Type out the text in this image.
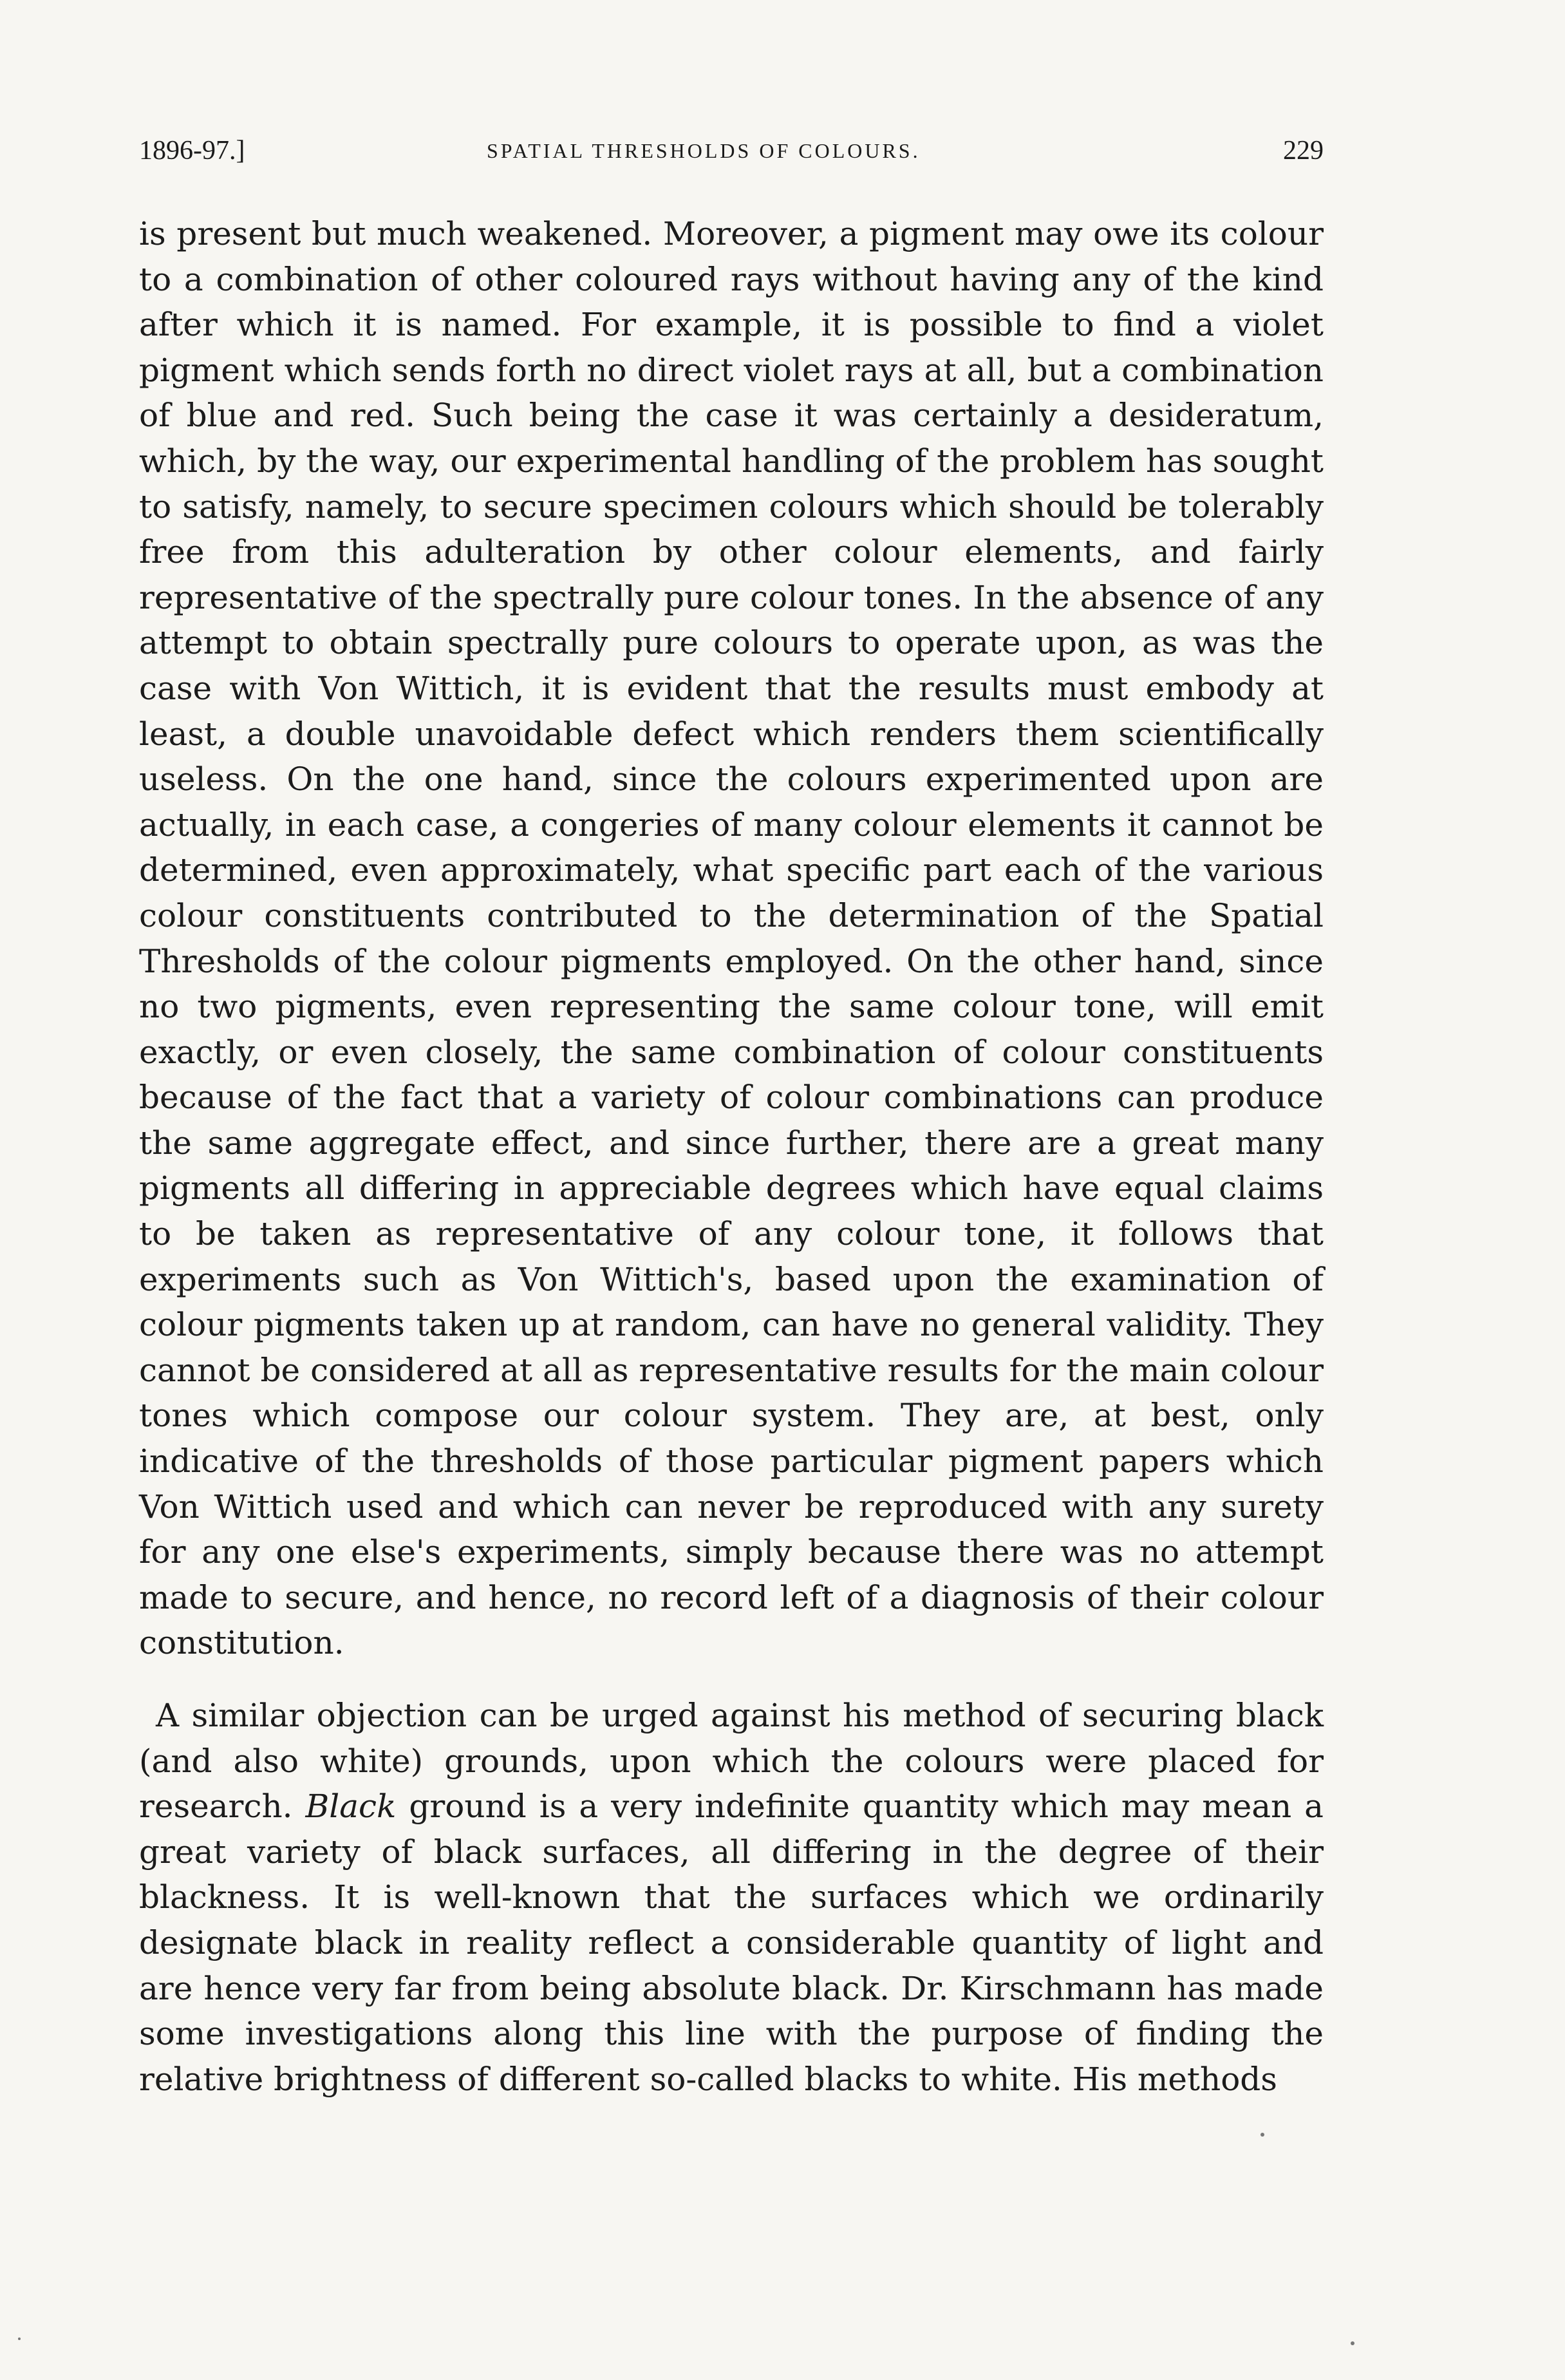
1896-97.]	SPATIAL THRESHOLDS OF COLOURS.	229

is present but much weakened. Moreover, a pigment may owe its colour to a combination of other coloured rays without having any of the kind after which it is named. For example, it is possible to find a violet pigment which sends forth no direct violet rays at all, but a combination of blue and red. Such being the case it was certainly a desideratum, which, by the way, our experimental handling of the problem has sought to satisfy, namely, to secure specimen colours which should be tolerably free from this adulteration by other colour elements, and fairly representative of the spectrally pure colour tones. In the absence of any attempt to obtain spectrally pure colours to operate upon, as was the case with Von Wittich, it is evident that the results must embody at least, a double unavoidable defect which renders them scientifically useless. On the one hand, since the colours experimented upon are actually, in each case, a congeries of many colour elements it cannot be determined, even approximately, what specific part each of the various colour constituents contributed to the determination of the Spatial Thresholds of the colour pigments employed. On the other hand, since no two pigments, even representing the same colour tone, will emit exactly, or even closely, the same combination of colour constituents because of the fact that a variety of colour combinations can produce the same aggregate effect, and since further, there are a great many pigments all differing in appreciable degrees which have equal claims to be taken as representative of any colour tone, it follows that experiments such as Von Wittich's, based upon the examination of colour pigments taken up at random, can have no general validity. They cannot be considered at all as representative results for the main colour tones which compose our colour system. They are, at best, only indicative of the thresholds of those particular pigment papers which Von Wittich used and which can never be reproduced with any surety for any one else's experiments, simply because there was no attempt made to secure, and hence, no record left of a diagnosis of their colour constitution.

A similar objection can be urged against his method of securing black (and also white) grounds, upon which the colours were placed for research. Black ground is a very indefinite quantity which may mean a great variety of black surfaces, all differing in the degree of their blackness. It is well-known that the surfaces which we ordinarily designate black in reality reflect a considerable quantity of light and are hence very far from being absolute black. Dr. Kirschmann has made some investigations along this line with the purpose of finding the relative brightness of different so-called blacks to white. His methods
